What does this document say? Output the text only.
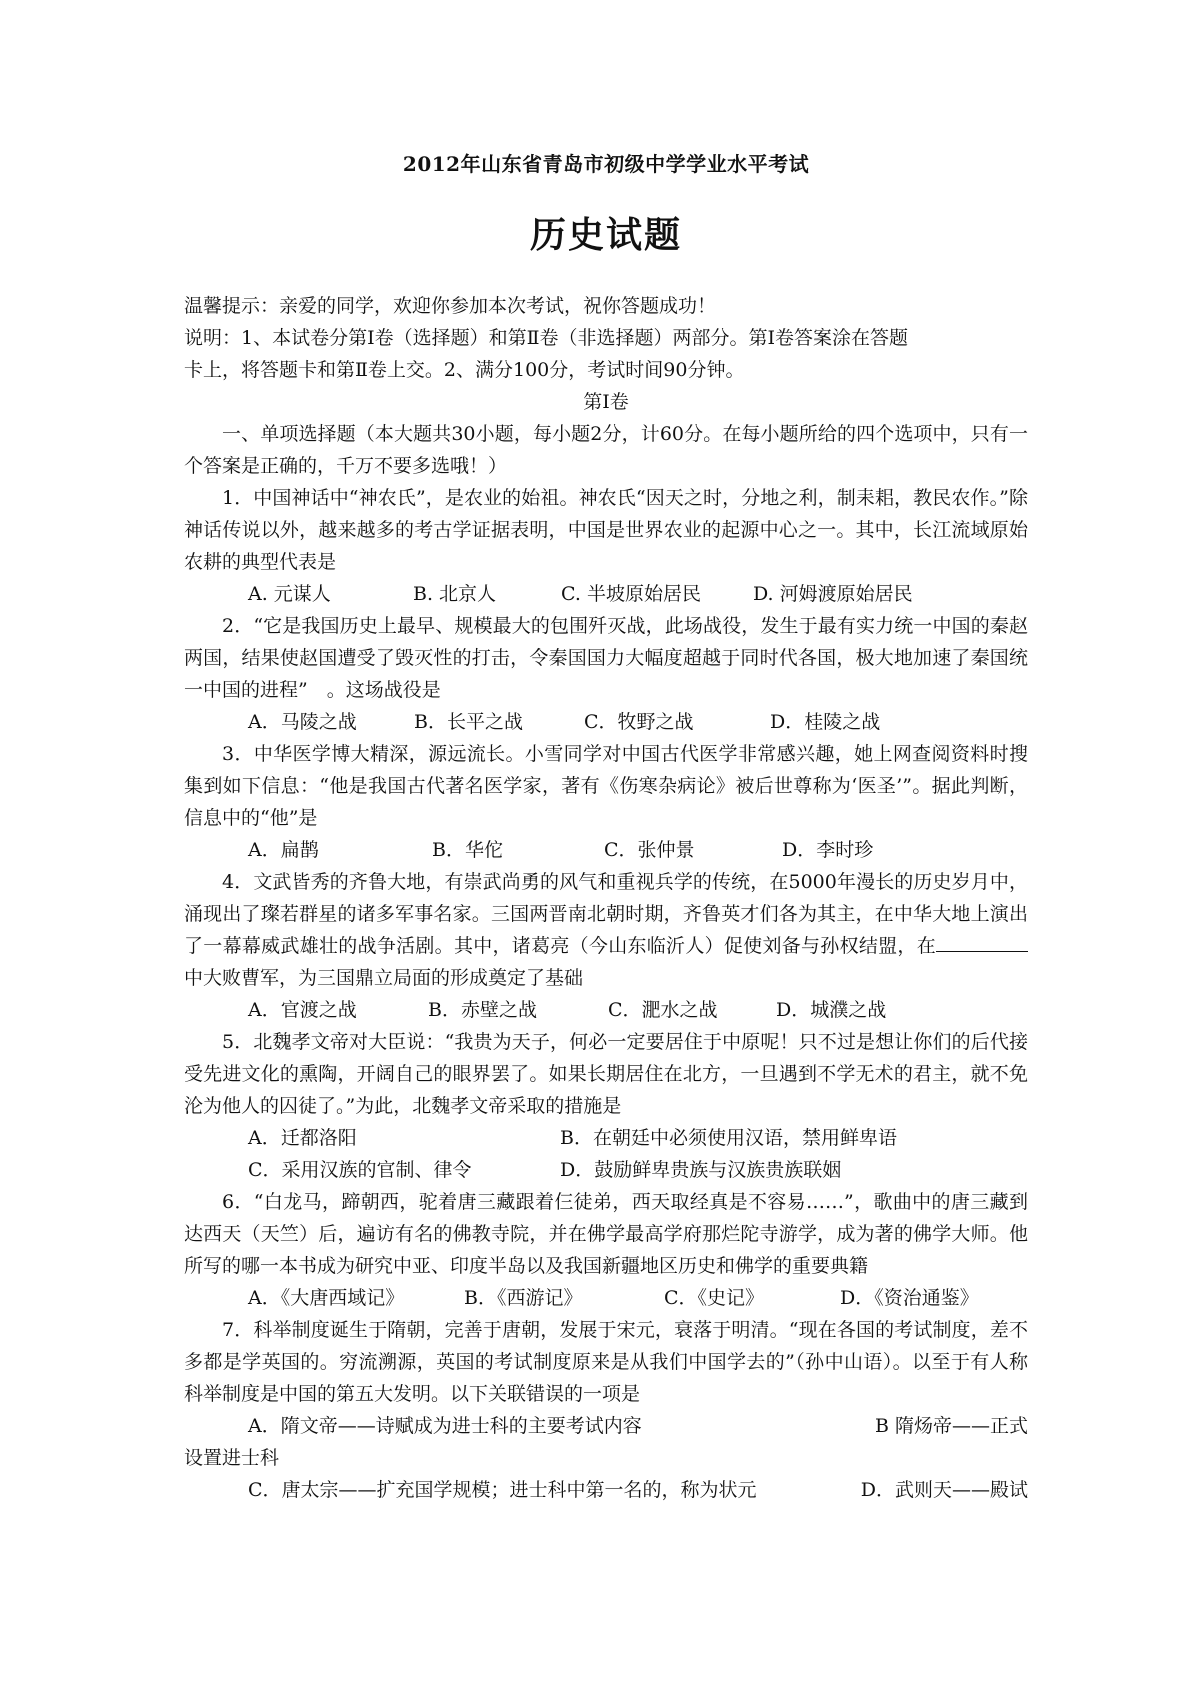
2012年山东省青岛市初级中学学业水平考试
历史试题
温馨提示：亲爱的同学，欢迎你参加本次考试，祝你答题成功！
说明：1、本试卷分第Ⅰ卷（选择题）和第Ⅱ卷（非选择题）两部分。第Ⅰ卷答案涂在答题
卡上，将答题卡和第Ⅱ卷上交。2、满分100分，考试时间90分钟。
第Ⅰ卷
一、单项选择题（本大题共30小题，每小题2分，计60分。在每小题所给的四个选项中，只有一个答案是正确的，千万不要多选哦！）
1．中国神话中“神农氏”，是农业的始祖。神农氏“因天之时，分地之利，制耒耜，教民农作。”除神话传说以外，越来越多的考古学证据表明，中国是世界农业的起源中心之一。其中，长江流域原始农耕的典型代表是
A. 元谋人	B. 北京人	C. 半坡原始居民	D. 河姆渡原始居民
2．“它是我国历史上最早、规模最大的包围歼灭战，此场战役，发生于最有实力统一中国的秦赵两国，结果使赵国遭受了毁灭性的打击，令秦国国力大幅度超越于同时代各国，极大地加速了秦国统一中国的进程”　。这场战役是
A．马陵之战	B．长平之战	C．牧野之战	D．桂陵之战
3．中华医学博大精深，源远流长。小雪同学对中国古代医学非常感兴趣，她上网查阅资料时搜集到如下信息：“他是我国古代著名医学家，著有《伤寒杂病论》被后世尊称为‘医圣’”。据此判断，信息中的“他”是
A．扁鹊	B．华佗	C．张仲景	D．李时珍
4．文武皆秀的齐鲁大地，有崇武尚勇的风气和重视兵学的传统，在5000年漫长的历史岁月中，涌现出了璨若群星的诸多军事名家。三国两晋南北朝时期，齐鲁英才们各为其主，在中华大地上演出了一幕幕威武雄壮的战争活剧。其中，诸葛亮（今山东临沂人）促使刘备与孙权结盟，在中大败曹军，为三国鼎立局面的形成奠定了基础
A．官渡之战	B．赤壁之战	C．淝水之战	D．城濮之战
5．北魏孝文帝对大臣说：“我贵为天子，何必一定要居住于中原呢！只不过是想让你们的后代接受先进文化的熏陶，开阔自己的眼界罢了。如果长期居住在北方，一旦遇到不学无术的君主，就不免沦为他人的囚徒了。”为此，北魏孝文帝采取的措施是
A．迁都洛阳	B．在朝廷中必须使用汉语，禁用鲜卑语
C．采用汉族的官制、律令	D．鼓励鲜卑贵族与汉族贵族联姻
6．“白龙马，蹄朝西，驼着唐三藏跟着仨徒弟，西天取经真是不容易……”，歌曲中的唐三藏到达西天（天竺）后，遍访有名的佛教寺院，并在佛学最高学府那烂陀寺游学，成为著的佛学大师。他所写的哪一本书成为研究中亚、印度半岛以及我国新疆地区历史和佛学的重要典籍
A．《大唐西域记》	B．《西游记》	C．《史记》	D．《资治通鉴》
7．科举制度诞生于隋朝，完善于唐朝，发展于宋元，衰落于明清。“现在各国的考试制度，差不多都是学英国的。穷流溯源，英国的考试制度原来是从我们中国学去的”（孙中山语）。以至于有人称科举制度是中国的第五大发明。以下关联错误的一项是
A．隋文帝——诗赋成为进士科的主要考试内容	B 隋炀帝——正式
设置进士科
C．唐太宗——扩充国学规模；进士科中第一名的，称为状元	D．武则天——殿试
